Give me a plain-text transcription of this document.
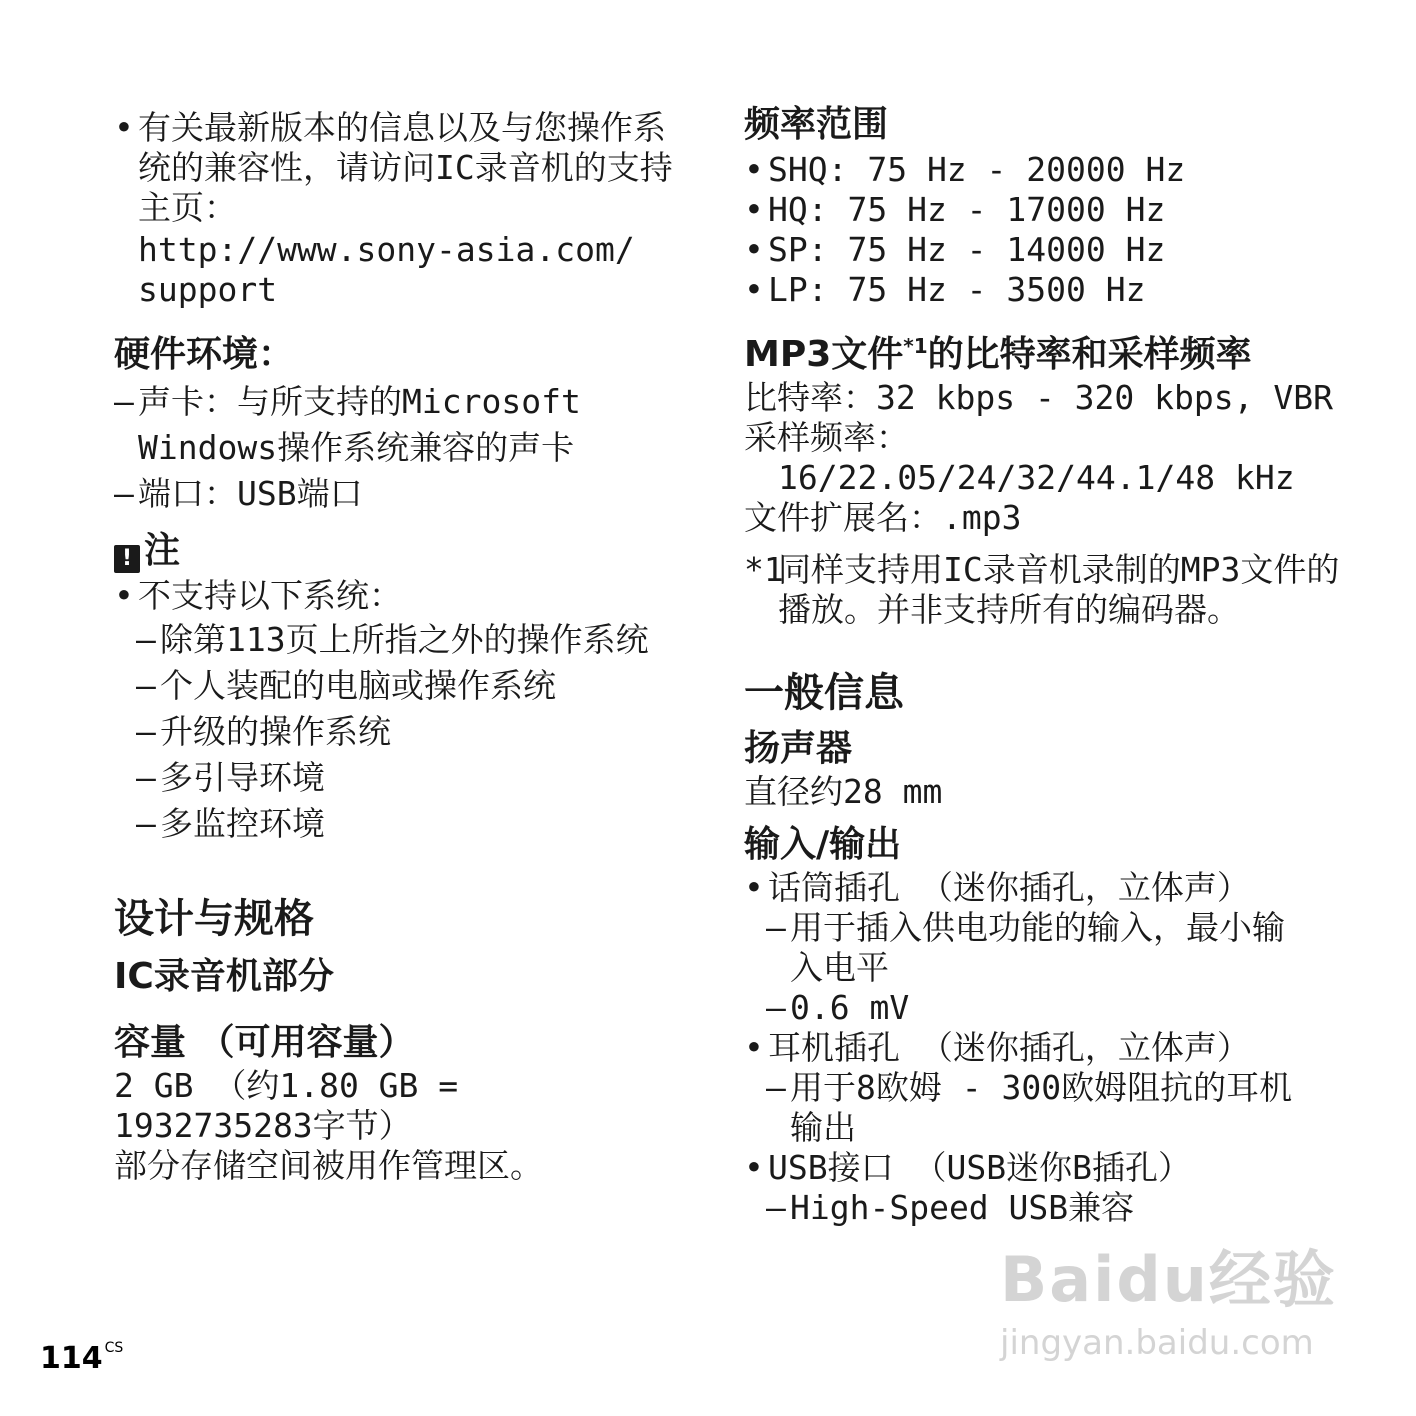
• 有关最新版本的信息以及与您操作系统的兼容性，请访问IC录音机的支持主页：
http://www.sony-asia.com/
support
硬件环境：
– 声卡：与所支持的Microsoft
Windows操作系统兼容的声卡
– 端口：USB端口
! 注
• 不支持以下系统：
– 除第113页上所指之外的操作系统
– 个人装配的电脑或操作系统
– 升级的操作系统
– 多引导环境
– 多监控环境
设计与规格
IC录音机部分
容量 （可用容量）
2 GB （约1.80 GB = 1932735283字节）
部分存储空间被用作管理区。
频率范围
• SHQ: 75 Hz - 20000 Hz
• HQ: 75 Hz - 17000 Hz
• SP: 75 Hz - 14000 Hz
• LP: 75 Hz - 3500 Hz
MP3文件$^{*1}$的比特率和采样频率
比特率：32 kbps - 320 kbps, VBR
采样频率：
16/22.05/24/32/44.1/48 kHz
文件扩展名：.mp3
*1
同样支持用IC录音机录制的MP3文件的播放。并非支持所有的编码器。
一般信息
扬声器
直径约28 mm
输入/输出
• 话筒插孔 （迷你插孔，立体声）
– 用于插入供电功能的输入，最小输入电平
– 0.6 mV
• 耳机插孔 （迷你插孔，立体声）
– 用于8欧姆 - 300欧姆阻抗的耳机输出
• USB接口 （USB迷你B插孔）
– High-Speed USB兼容
114 $^{CS}$
Baidu经验
jingyan.baidu.com
